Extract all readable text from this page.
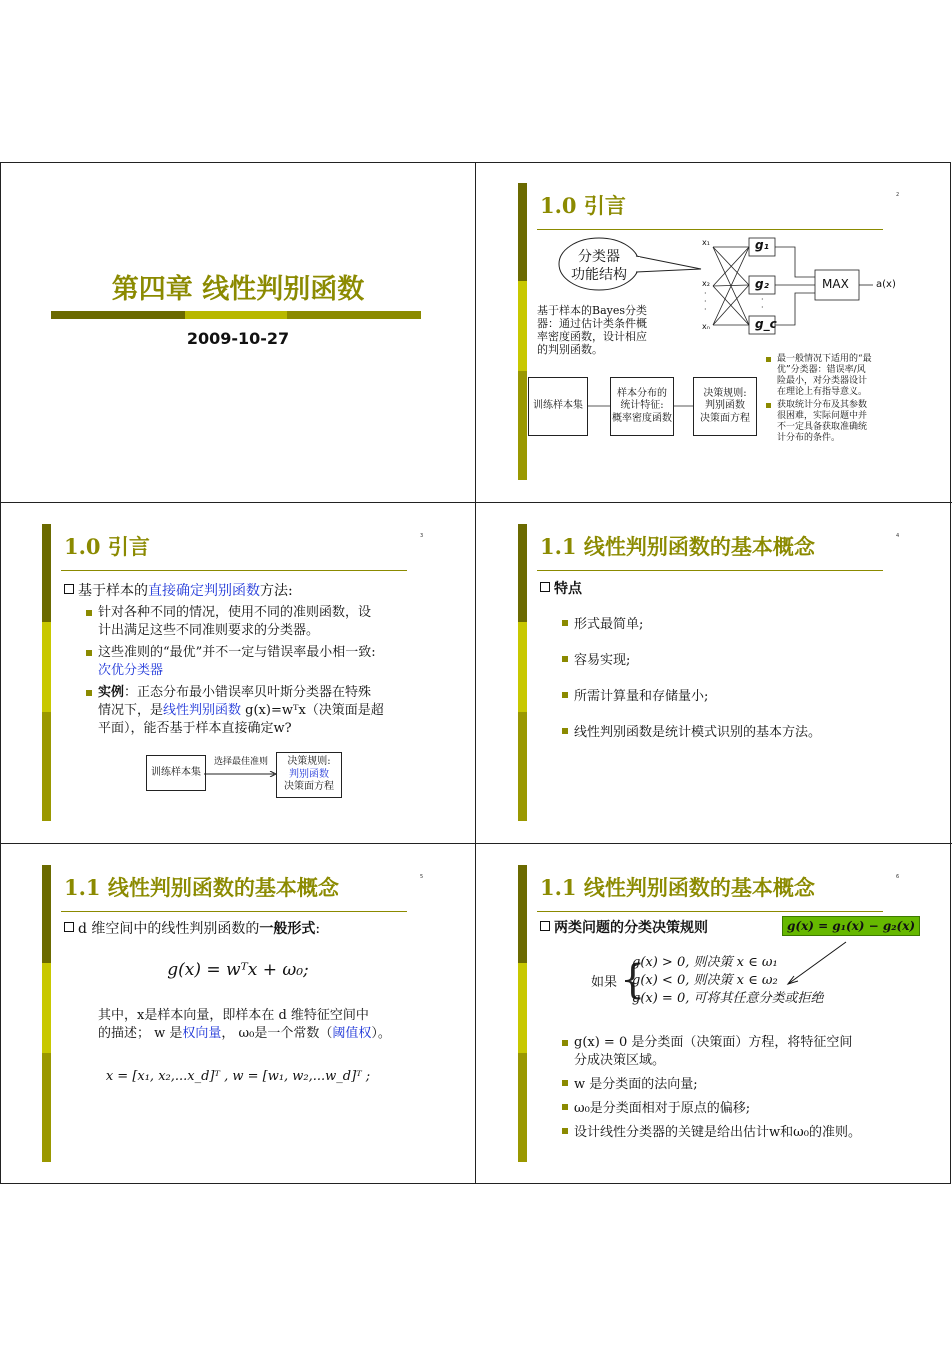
第四章 线性判别函数
2009-10-27
1.0 引言	2
分类器
功能结构
x₁
x₂
·
·
·
xₙ
g₁
g₂
·
·
g_c
MAX	a(x)
基于样本的Bayes分类
器：通过估计类条件概
率密度函数，设计相应
的判别函数。
训练样本集
样本分布的
统计特征:
概率密度函数
决策规则:
判别函数
决策面方程
最一般情况下适用的“最
优”分类器：错误率/风
险最小，对分类器设计
在理论上有指导意义。
获取统计分布及其参数
很困难，实际问题中并
不一定具备获取准确统
计分布的条件。
1.0 引言	3
基于样本的直接确定判别函数方法:
针对各种不同的情况，使用不同的准则函数，设
计出满足这些不同准则要求的分类器。
这些准则的“最优”并不一定与错误率最小相一致:
次优分类器
实例：正态分布最小错误率贝叶斯分类器在特殊
情况下，是线性判别函数 g(x)=wᵀx（决策面是超
平面），能否基于样本直接确定w?
训练样本集
选择最佳准则	决策规则:
判别函数
决策面方程
1.1 线性判别函数的基本概念	4
特点
形式最简单;
容易实现;
所需计算量和存储量小;
线性判别函数是统计模式识别的基本方法。
1.1 线性判别函数的基本概念	5
d 维空间中的线性判别函数的一般形式:
g(x) = wᵀx + ω₀;
其中，x是样本向量，即样本在 d 维特征空间中
的描述； w 是权向量， ω₀是一个常数（阈值权）。
x = [x₁, x₂,...x_d]ᵀ , w = [w₁, w₂,...w_d]ᵀ ;
1.1 线性判别函数的基本概念	6
两类问题的分类决策规则	g(x) = g₁(x) − g₂(x)
如果 {
g(x) > 0, 则决策 x ∈ ω₁
g(x) < 0, 则决策 x ∈ ω₂
g(x) = 0, 可将其任意分类或拒绝
g(x) = 0 是分类面（决策面）方程，将特征空间
分成决策区域。
w 是分类面的法向量;
ω₀是分类面相对于原点的偏移;
设计线性分类器的关键是给出估计w和ω₀的准则。
